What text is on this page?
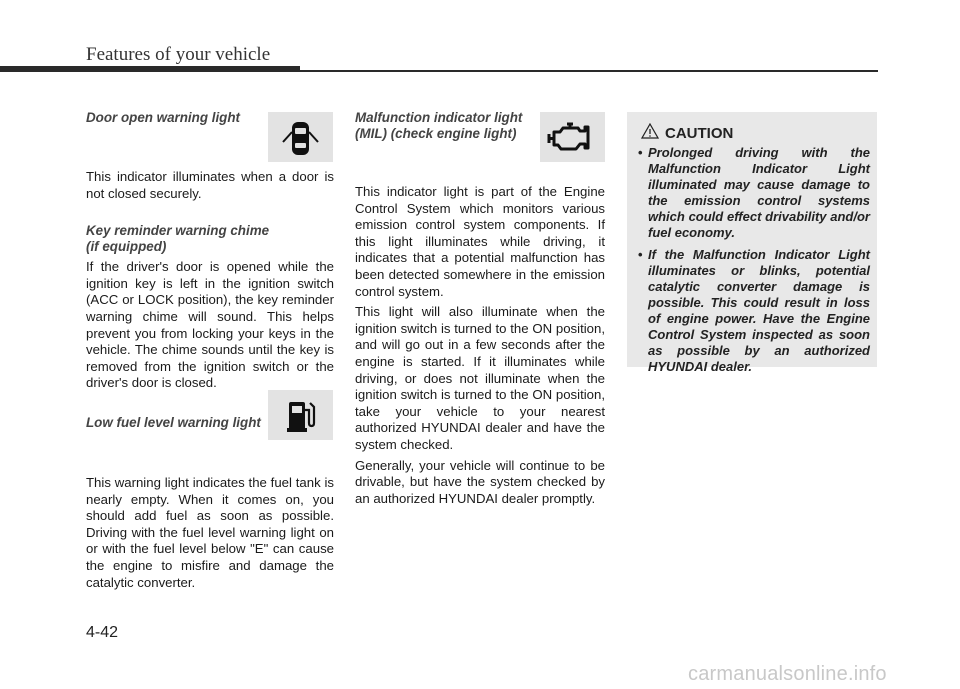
Features of your vehicle
Door open warning light

This indicator illuminates when a door is not closed securely.

Key reminder warning chime
(if equipped)

If the driver's door is opened while the ignition key is left in the ignition switch (ACC or LOCK position), the key reminder warning chime will sound. This helps prevent you from locking your keys in the vehicle. The chime sounds until the key is removed from the ignition switch or the driver's door is closed.

Low fuel level warning light

This warning light indicates the fuel tank is nearly empty. When it comes on, you should add fuel as soon as possible. Driving with the fuel level warning light on or with the fuel level below "E" can cause the engine to misfire and damage the catalytic converter.

Malfunction indicator light
(MIL) (check engine light)

This indicator light is part of the Engine Control System which monitors various emission control system components. If this light illuminates while driving, it indicates that a potential malfunction has been detected somewhere in the emission control system.

This light will also illuminate when the ignition switch is turned to the ON position, and will go out in a few seconds after the engine is started. If it illuminates while driving, or does not illuminate when the ignition switch is turned to the ON position, take your vehicle to your nearest authorized HYUNDAI dealer and have the system checked.

Generally, your vehicle will continue to be drivable, but have the system checked by an authorized HYUNDAI dealer promptly.

CAUTION
• Prolonged driving with the Malfunction Indicator Light illuminated may cause damage to the emission control systems which could effect drivability and/or fuel economy.
• If the Malfunction Indicator Light illuminates or blinks, potential catalytic converter damage is possible. This could result in loss of engine power. Have the Engine Control System inspected as soon as possible by an authorized HYUNDAI dealer.
4-42
carmanualsonline.info
